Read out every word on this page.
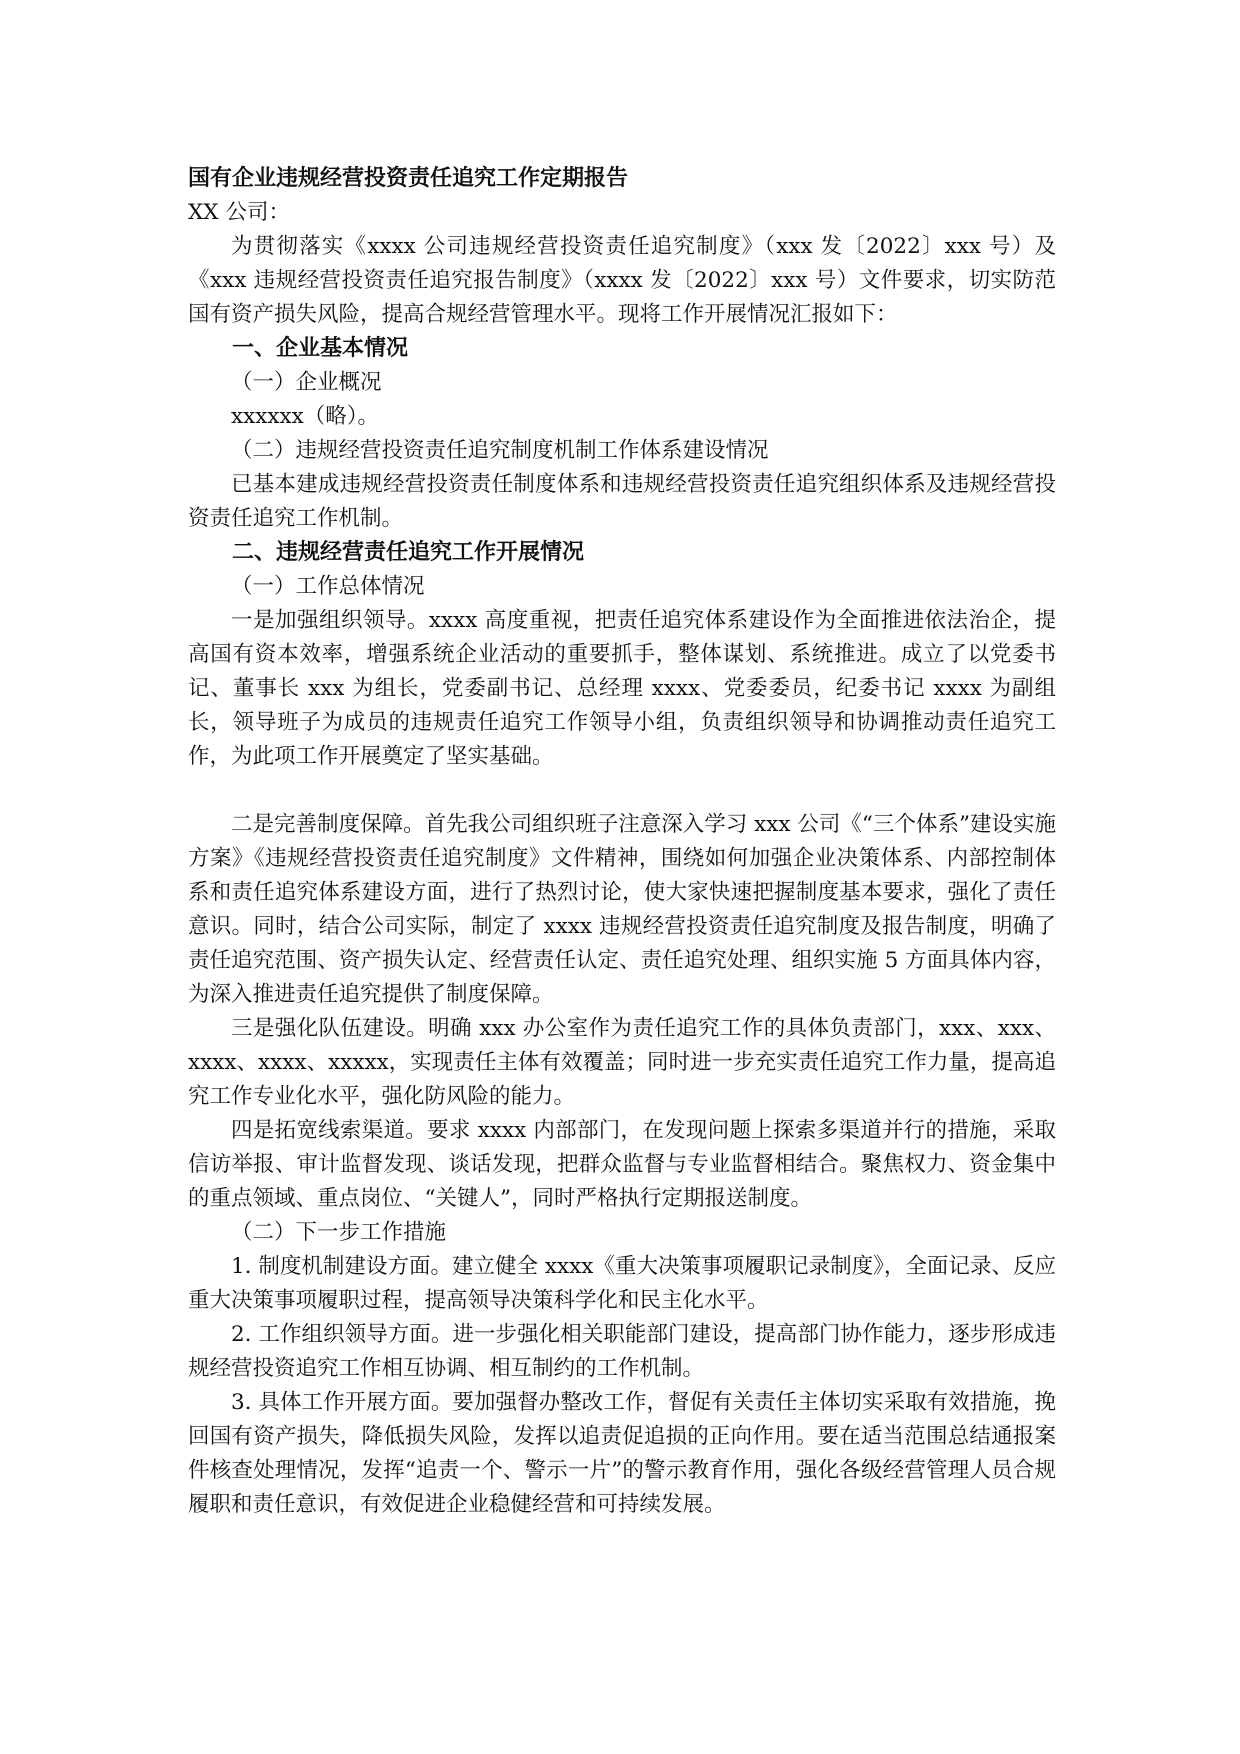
国有企业违规经营投资责任追究工作定期报告

XX 公司：

为贯彻落实《xxxx 公司违规经营投资责任追究制度》（xxx 发〔2022〕xxx 号）及《xxx 违规经营投资责任追究报告制度》（xxxx 发〔2022〕xxx 号）文件要求，切实防范国有资产损失风险，提高合规经营管理水平。现将工作开展情况汇报如下：

一、企业基本情况

（一）企业概况

xxxxxx（略）。

（二）违规经营投资责任追究制度机制工作体系建设情况

已基本建成违规经营投资责任制度体系和违规经营投资责任追究组织体系及违规经营投资责任追究工作机制。

二、违规经营责任追究工作开展情况

（一）工作总体情况

一是加强组织领导。xxxx 高度重视，把责任追究体系建设作为全面推进依法治企，提高国有资本效率，增强系统企业活动的重要抓手，整体谋划、系统推进。成立了以党委书记、董事长 xxx 为组长，党委副书记、总经理 xxxx、党委委员，纪委书记 xxxx 为副组长，领导班子为成员的违规责任追究工作领导小组，负责组织领导和协调推动责任追究工作，为此项工作开展奠定了坚实基础。

二是完善制度保障。首先我公司组织班子注意深入学习 xxx 公司《“三个体系”建设实施方案》《违规经营投资责任追究制度》文件精神，围绕如何加强企业决策体系、内部控制体系和责任追究体系建设方面，进行了热烈讨论，使大家快速把握制度基本要求，强化了责任意识。同时，结合公司实际，制定了 xxxx 违规经营投资责任追究制度及报告制度，明确了责任追究范围、资产损失认定、经营责任认定、责任追究处理、组织实施 5 方面具体内容，为深入推进责任追究提供了制度保障。

三是强化队伍建设。明确 xxx 办公室作为责任追究工作的具体负责部门，xxx、xxx、xxxx、xxxx、xxxxx，实现责任主体有效覆盖；同时进一步充实责任追究工作力量，提高追究工作专业化水平，强化防风险的能力。

四是拓宽线索渠道。要求 xxxx 内部部门，在发现问题上探索多渠道并行的措施，采取信访举报、审计监督发现、谈话发现，把群众监督与专业监督相结合。聚焦权力、资金集中的重点领域、重点岗位、“关键人”，同时严格执行定期报送制度。

（二）下一步工作措施

1. 制度机制建设方面。建立健全 xxxx《重大决策事项履职记录制度》，全面记录、反应重大决策事项履职过程，提高领导决策科学化和民主化水平。

2. 工作组织领导方面。进一步强化相关职能部门建设，提高部门协作能力，逐步形成违规经营投资追究工作相互协调、相互制约的工作机制。

3. 具体工作开展方面。要加强督办整改工作，督促有关责任主体切实采取有效措施，挽回国有资产损失，降低损失风险，发挥以追责促追损的正向作用。要在适当范围总结通报案件核查处理情况，发挥“追责一个、警示一片”的警示教育作用，强化各级经营管理人员合规履职和责任意识，有效促进企业稳健经营和可持续发展。
